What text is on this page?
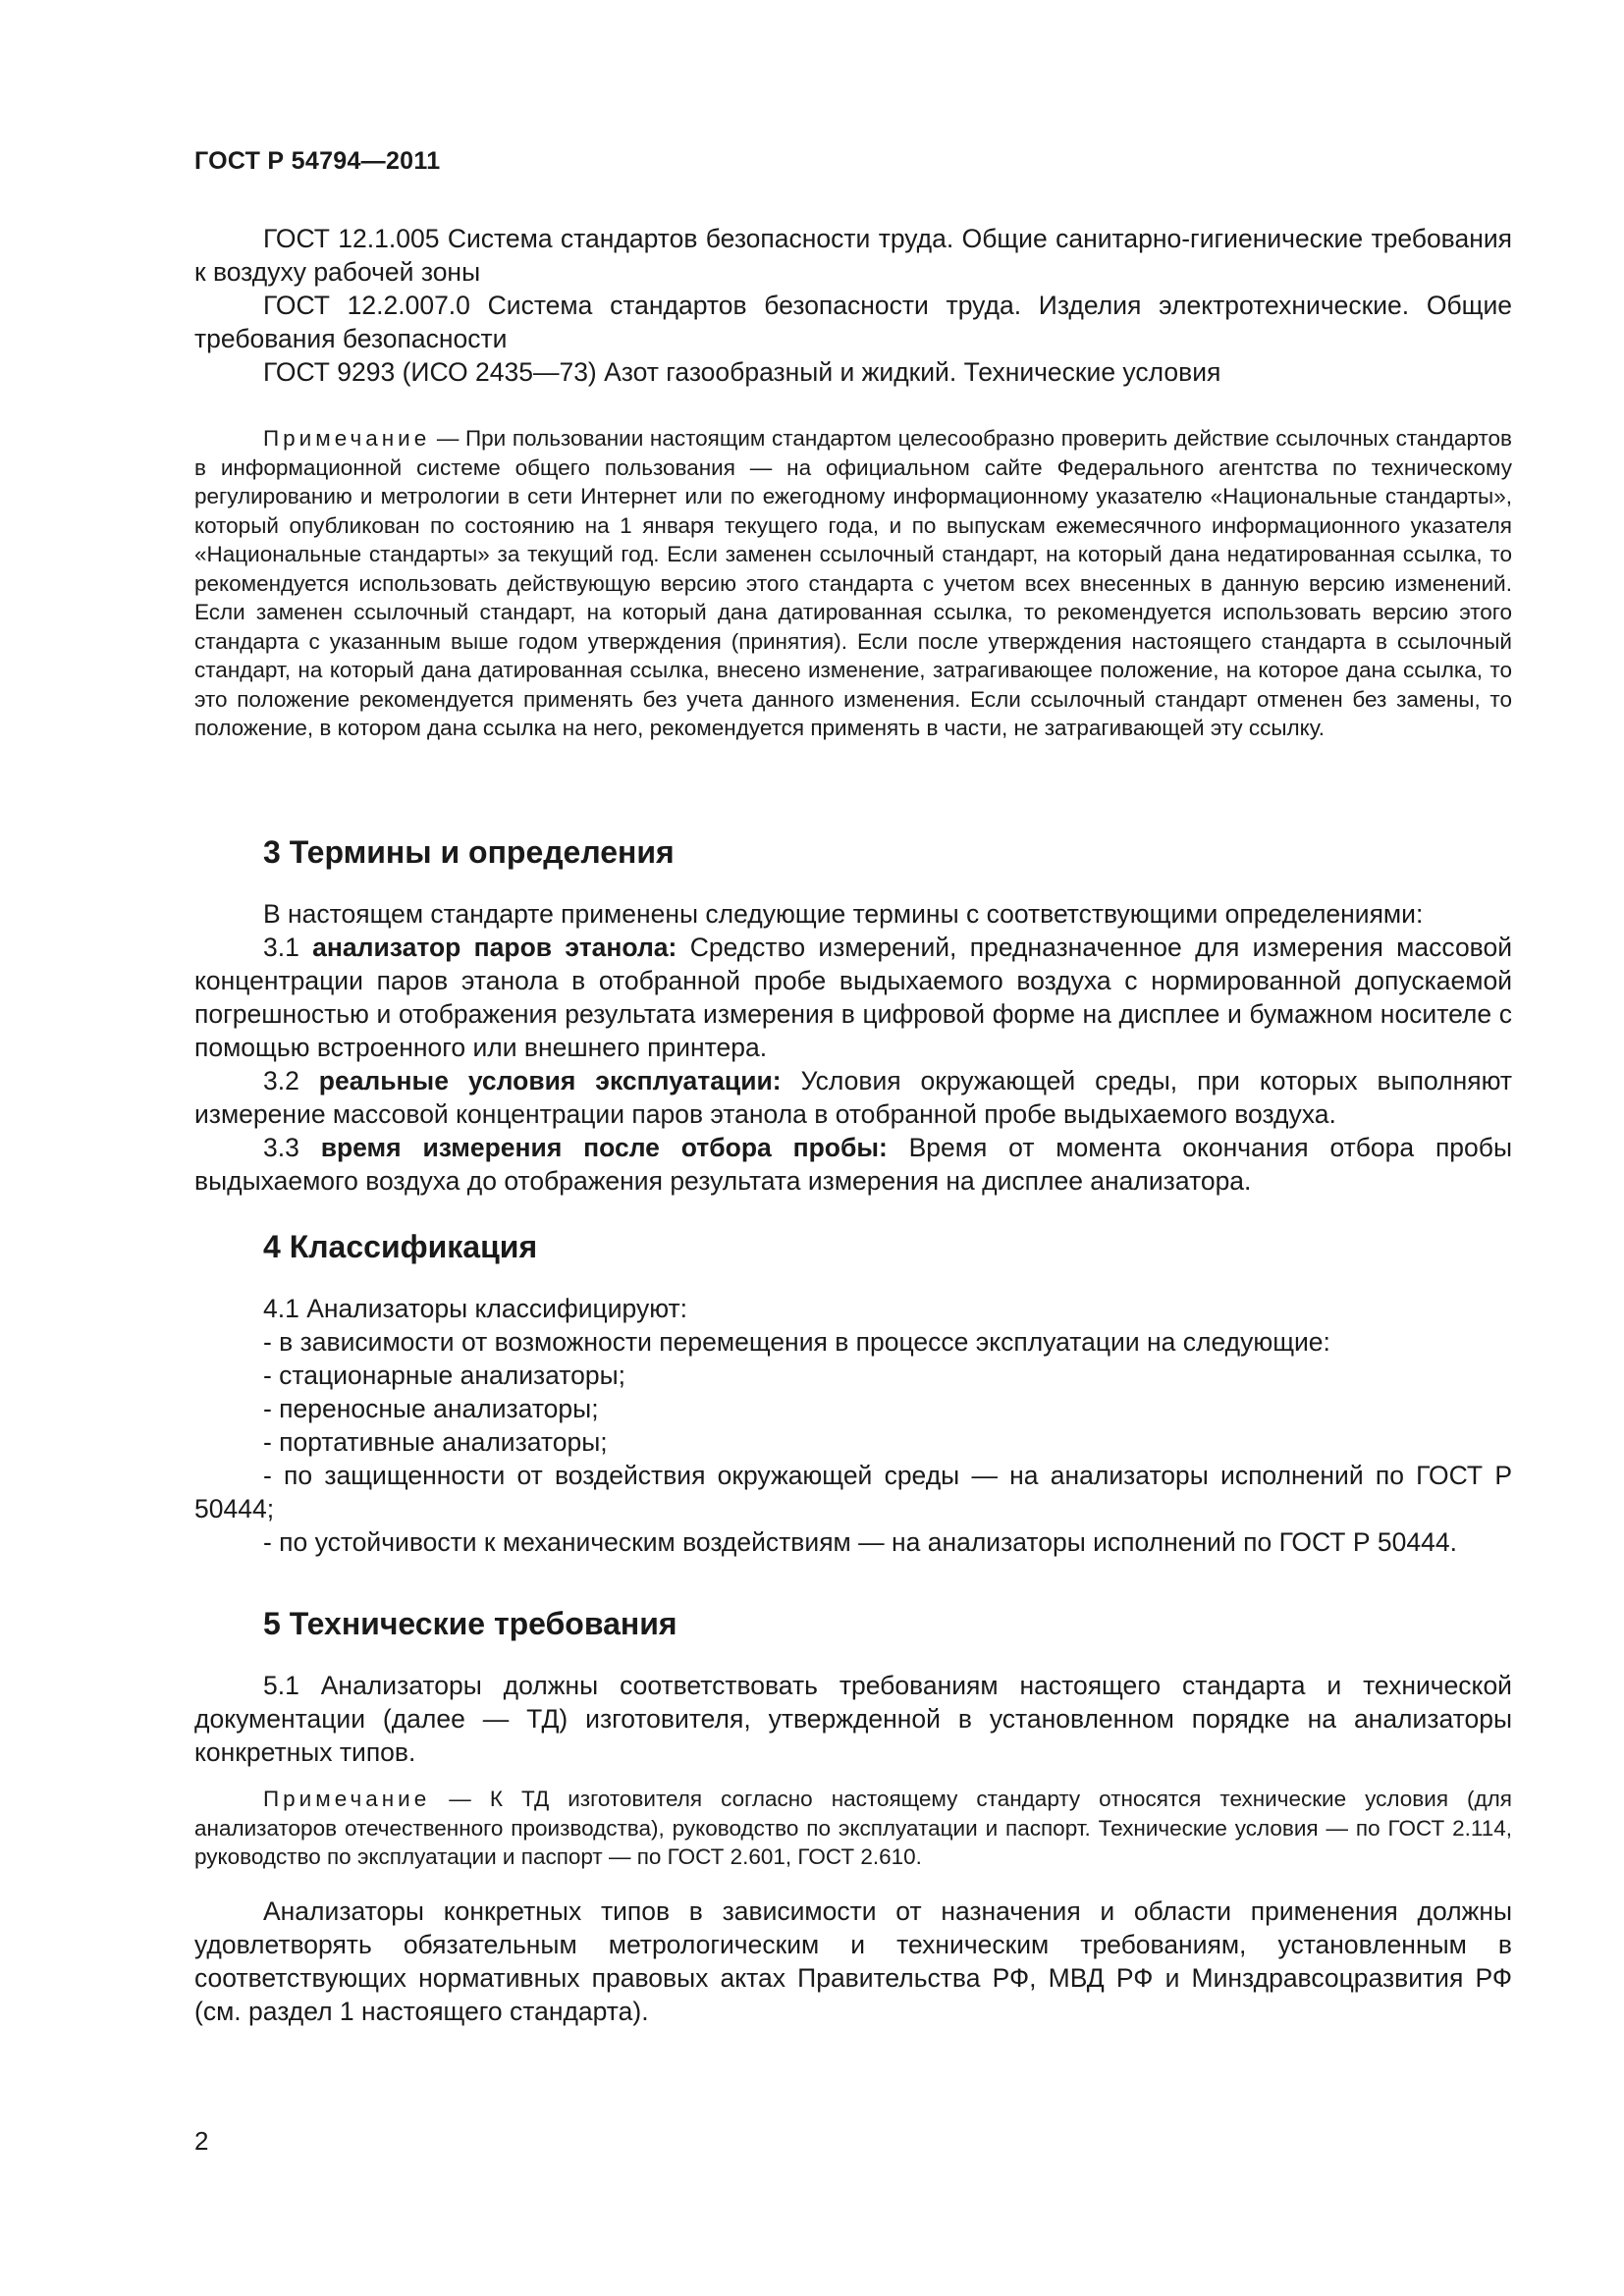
ГОСТ Р 54794—2011

ГОСТ 12.1.005 Система стандартов безопасности труда. Общие санитарно-гигиенические требования к воздуху рабочей зоны

ГОСТ 12.2.007.0 Система стандартов безопасности труда. Изделия электротехнические. Общие требования безопасности

ГОСТ 9293 (ИСО 2435—73) Азот газообразный и жидкий. Технические условия

Примечание — При пользовании настоящим стандартом целесообразно проверить действие ссылочных стандартов в информационной системе общего пользования — на официальном сайте Федерального агентства по техническому регулированию и метрологии в сети Интернет или по ежегодному информационному указателю «Национальные стандарты», который опубликован по состоянию на 1 января текущего года, и по выпускам ежемесячного информационного указателя «Национальные стандарты» за текущий год. Если заменен ссылочный стандарт, на который дана недатированная ссылка, то рекомендуется использовать действующую версию этого стандарта с учетом всех внесенных в данную версию изменений. Если заменен ссылочный стандарт, на который дана датированная ссылка, то рекомендуется использовать версию этого стандарта с указанным выше годом утверждения (принятия). Если после утверждения настоящего стандарта в ссылочный стандарт, на который дана датированная ссылка, внесено изменение, затрагивающее положение, на которое дана ссылка, то это положение рекомендуется применять без учета данного изменения. Если ссылочный стандарт отменен без замены, то положение, в котором дана ссылка на него, рекомендуется применять в части, не затрагивающей эту ссылку.

3 Термины и определения

В настоящем стандарте применены следующие термины с соответствующими определениями:

3.1 анализатор паров этанола: Средство измерений, предназначенное для измерения массовой концентрации паров этанола в отобранной пробе выдыхаемого воздуха с нормированной допускаемой погрешностью и отображения результата измерения в цифровой форме на дисплее и бумажном носителе с помощью встроенного или внешнего принтера.

3.2 реальные условия эксплуатации: Условия окружающей среды, при которых выполняют измерение массовой концентрации паров этанола в отобранной пробе выдыхаемого воздуха.

3.3 время измерения после отбора пробы: Время от момента окончания отбора пробы выдыхаемого воздуха до отображения результата измерения на дисплее анализатора.

4 Классификация

4.1 Анализаторы классифицируют:

- в зависимости от возможности перемещения в процессе эксплуатации на следующие:

- стационарные анализаторы;

- переносные анализаторы;

- портативные анализаторы;

- по защищенности от воздействия окружающей среды — на анализаторы исполнений по ГОСТ Р 50444;

- по устойчивости к механическим воздействиям — на анализаторы исполнений по ГОСТ Р 50444.

5 Технические требования

5.1 Анализаторы должны соответствовать требованиям настоящего стандарта и технической документации (далее — ТД) изготовителя, утвержденной в установленном порядке на анализаторы конкретных типов.

Примечание — К ТД изготовителя согласно настоящему стандарту относятся технические условия (для анализаторов отечественного производства), руководство по эксплуатации и паспорт. Технические условия — по ГОСТ 2.114, руководство по эксплуатации и паспорт — по ГОСТ 2.601, ГОСТ 2.610.

Анализаторы конкретных типов в зависимости от назначения и области применения должны удовлетворять обязательным метрологическим и техническим требованиям, установленным в соответствующих нормативных правовых актах Правительства РФ, МВД РФ и Минздравсоцразвития РФ (см. раздел 1 настоящего стандарта).

2
